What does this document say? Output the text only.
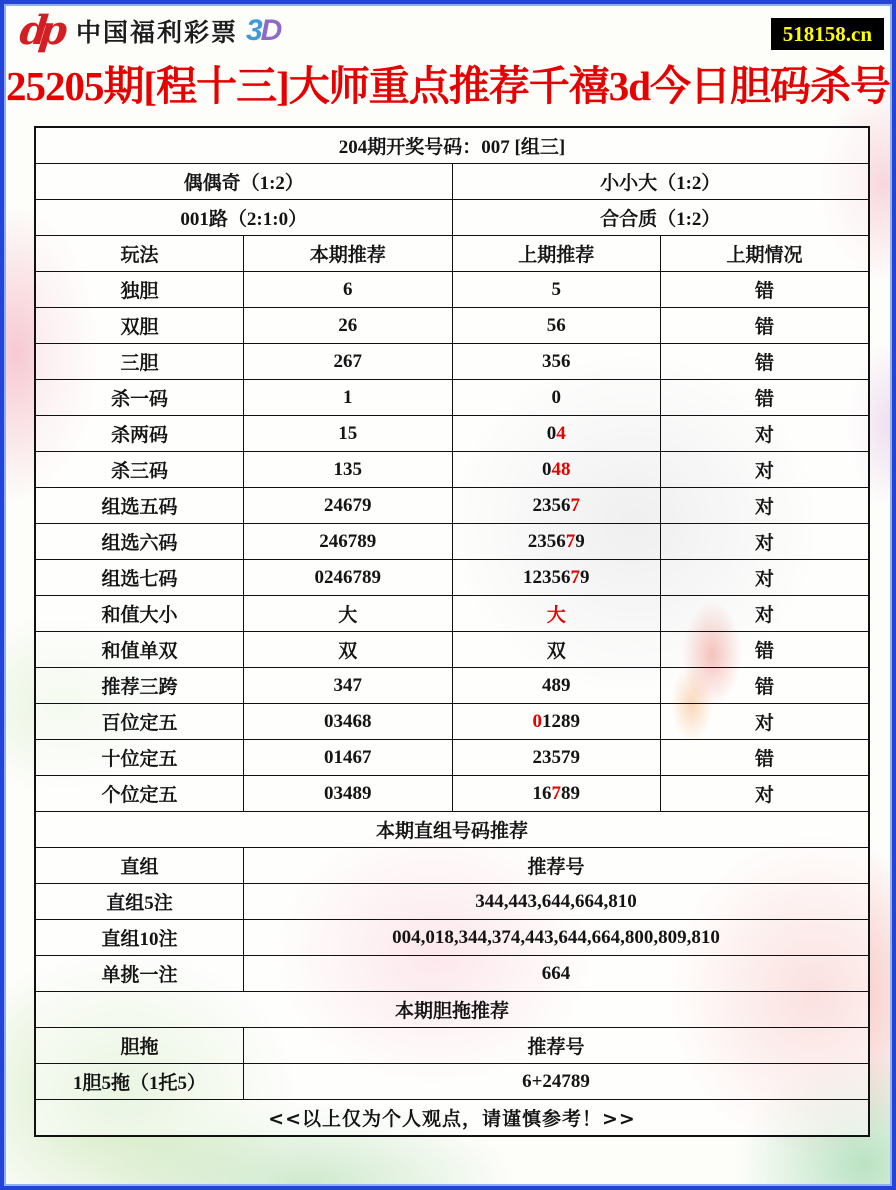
dp 中国福利彩票 3D	518158.cn
25205期[程十三]大师重点推荐千禧3d今日胆码杀号
204期开奖号码：007 [组三]			
偶偶奇（1:2）		小小大（1:2）	
001路（2:1:0）		合合质（1:2）	
玩法	本期推荐	上期推荐	上期情况
独胆	6	5	错
双胆	26	56	错
三胆	267	356	错
杀一码	1	0	错
杀两码	15	04	对
杀三码	135	048	对
组选五码	24679	23567	对
组选六码	246789	235679	对
组选七码	0246789	1235679	对
和值大小	大	大	对
和值单双	双	双	错
推荐三跨	347	489	错
百位定五	03468	01289	对
十位定五	01467	23579	错
个位定五	03489	16789	对
本期直组号码推荐			
直组	推荐号		
直组5注	344,443,644,664,810		
直组10注	004,018,344,374,443,644,664,800,809,810		
单挑一注	664		
本期胆拖推荐			
胆拖	推荐号		
1胆5拖（1托5）	6+24789		
<<以上仅为个人观点，请谨慎参考！>>			
